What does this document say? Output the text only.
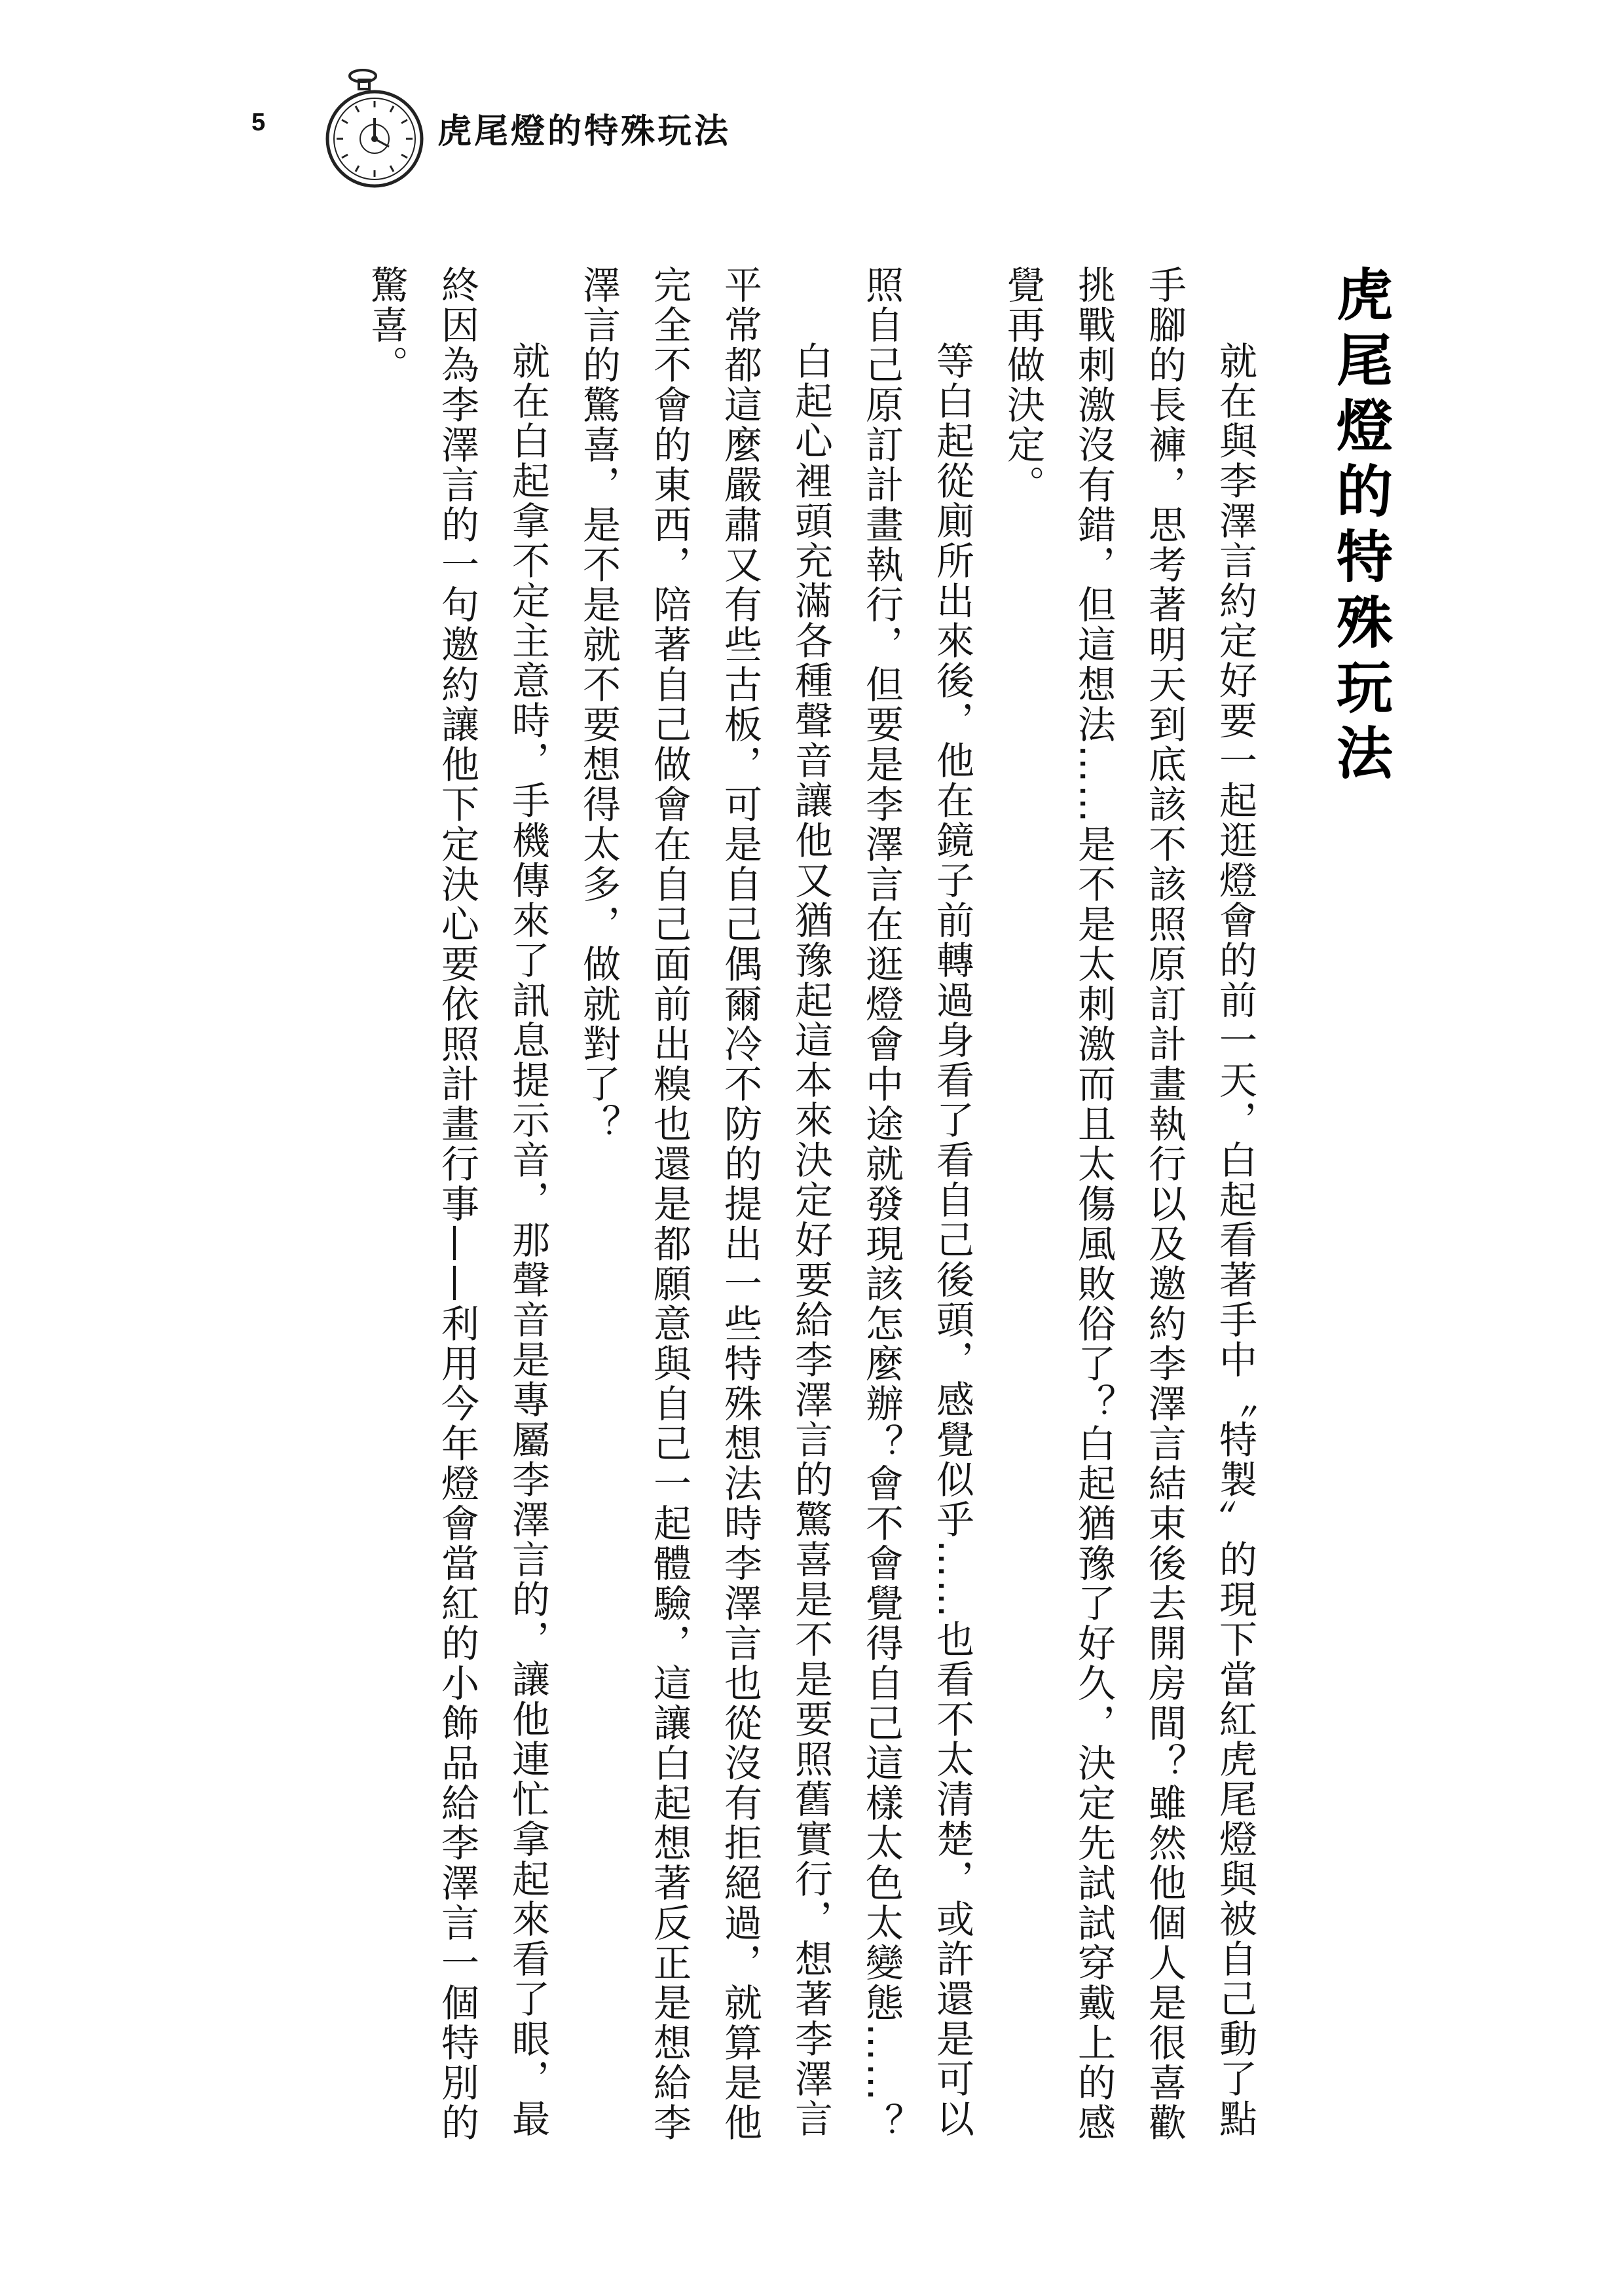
5	虎尾燈的特殊玩法
虎尾燈的特殊玩法

就在與李澤言約定好要一起逛燈會的前一天，白起看著手中〝特製〞的現下當紅虎尾燈與被自己動了點手腳的長褲，思考著明天到底該不該照原訂計畫執行以及邀約李澤言結束後去開房間？雖然他個人是很喜歡挑戰刺激沒有錯，但這想法……是不是太刺激而且太傷風敗俗了？白起猶豫了好久，決定先試試穿戴上的感覺再做決定。

等白起從廁所出來後，他在鏡子前轉過身看了看自己後頭，感覺似乎……也看不太清楚，或許還是可以照自己原訂計畫執行，但要是李澤言在逛燈會中途就發現該怎麼辦？會不會覺得自己這樣太色太變態……？

白起心裡頭充滿各種聲音讓他又猶豫起這本來決定好要給李澤言的驚喜是不是要照舊實行，想著李澤言平常都這麼嚴肅又有些古板，可是自己偶爾冷不防的提出一些特殊想法時李澤言也從沒有拒絕過，就算是他完全不會的東西，陪著自己做會在自己面前出糗也還是都願意與自己一起體驗，這讓白起想著反正是想給李澤言的驚喜，是不是就不要想得太多，做就對了？

就在白起拿不定主意時，手機傳來了訊息提示音，那聲音是專屬李澤言的，讓他連忙拿起來看了眼，最終因為李澤言的一句邀約讓他下定決心要依照計畫行事——利用今年燈會當紅的小飾品給李澤言一個特別的驚喜。
